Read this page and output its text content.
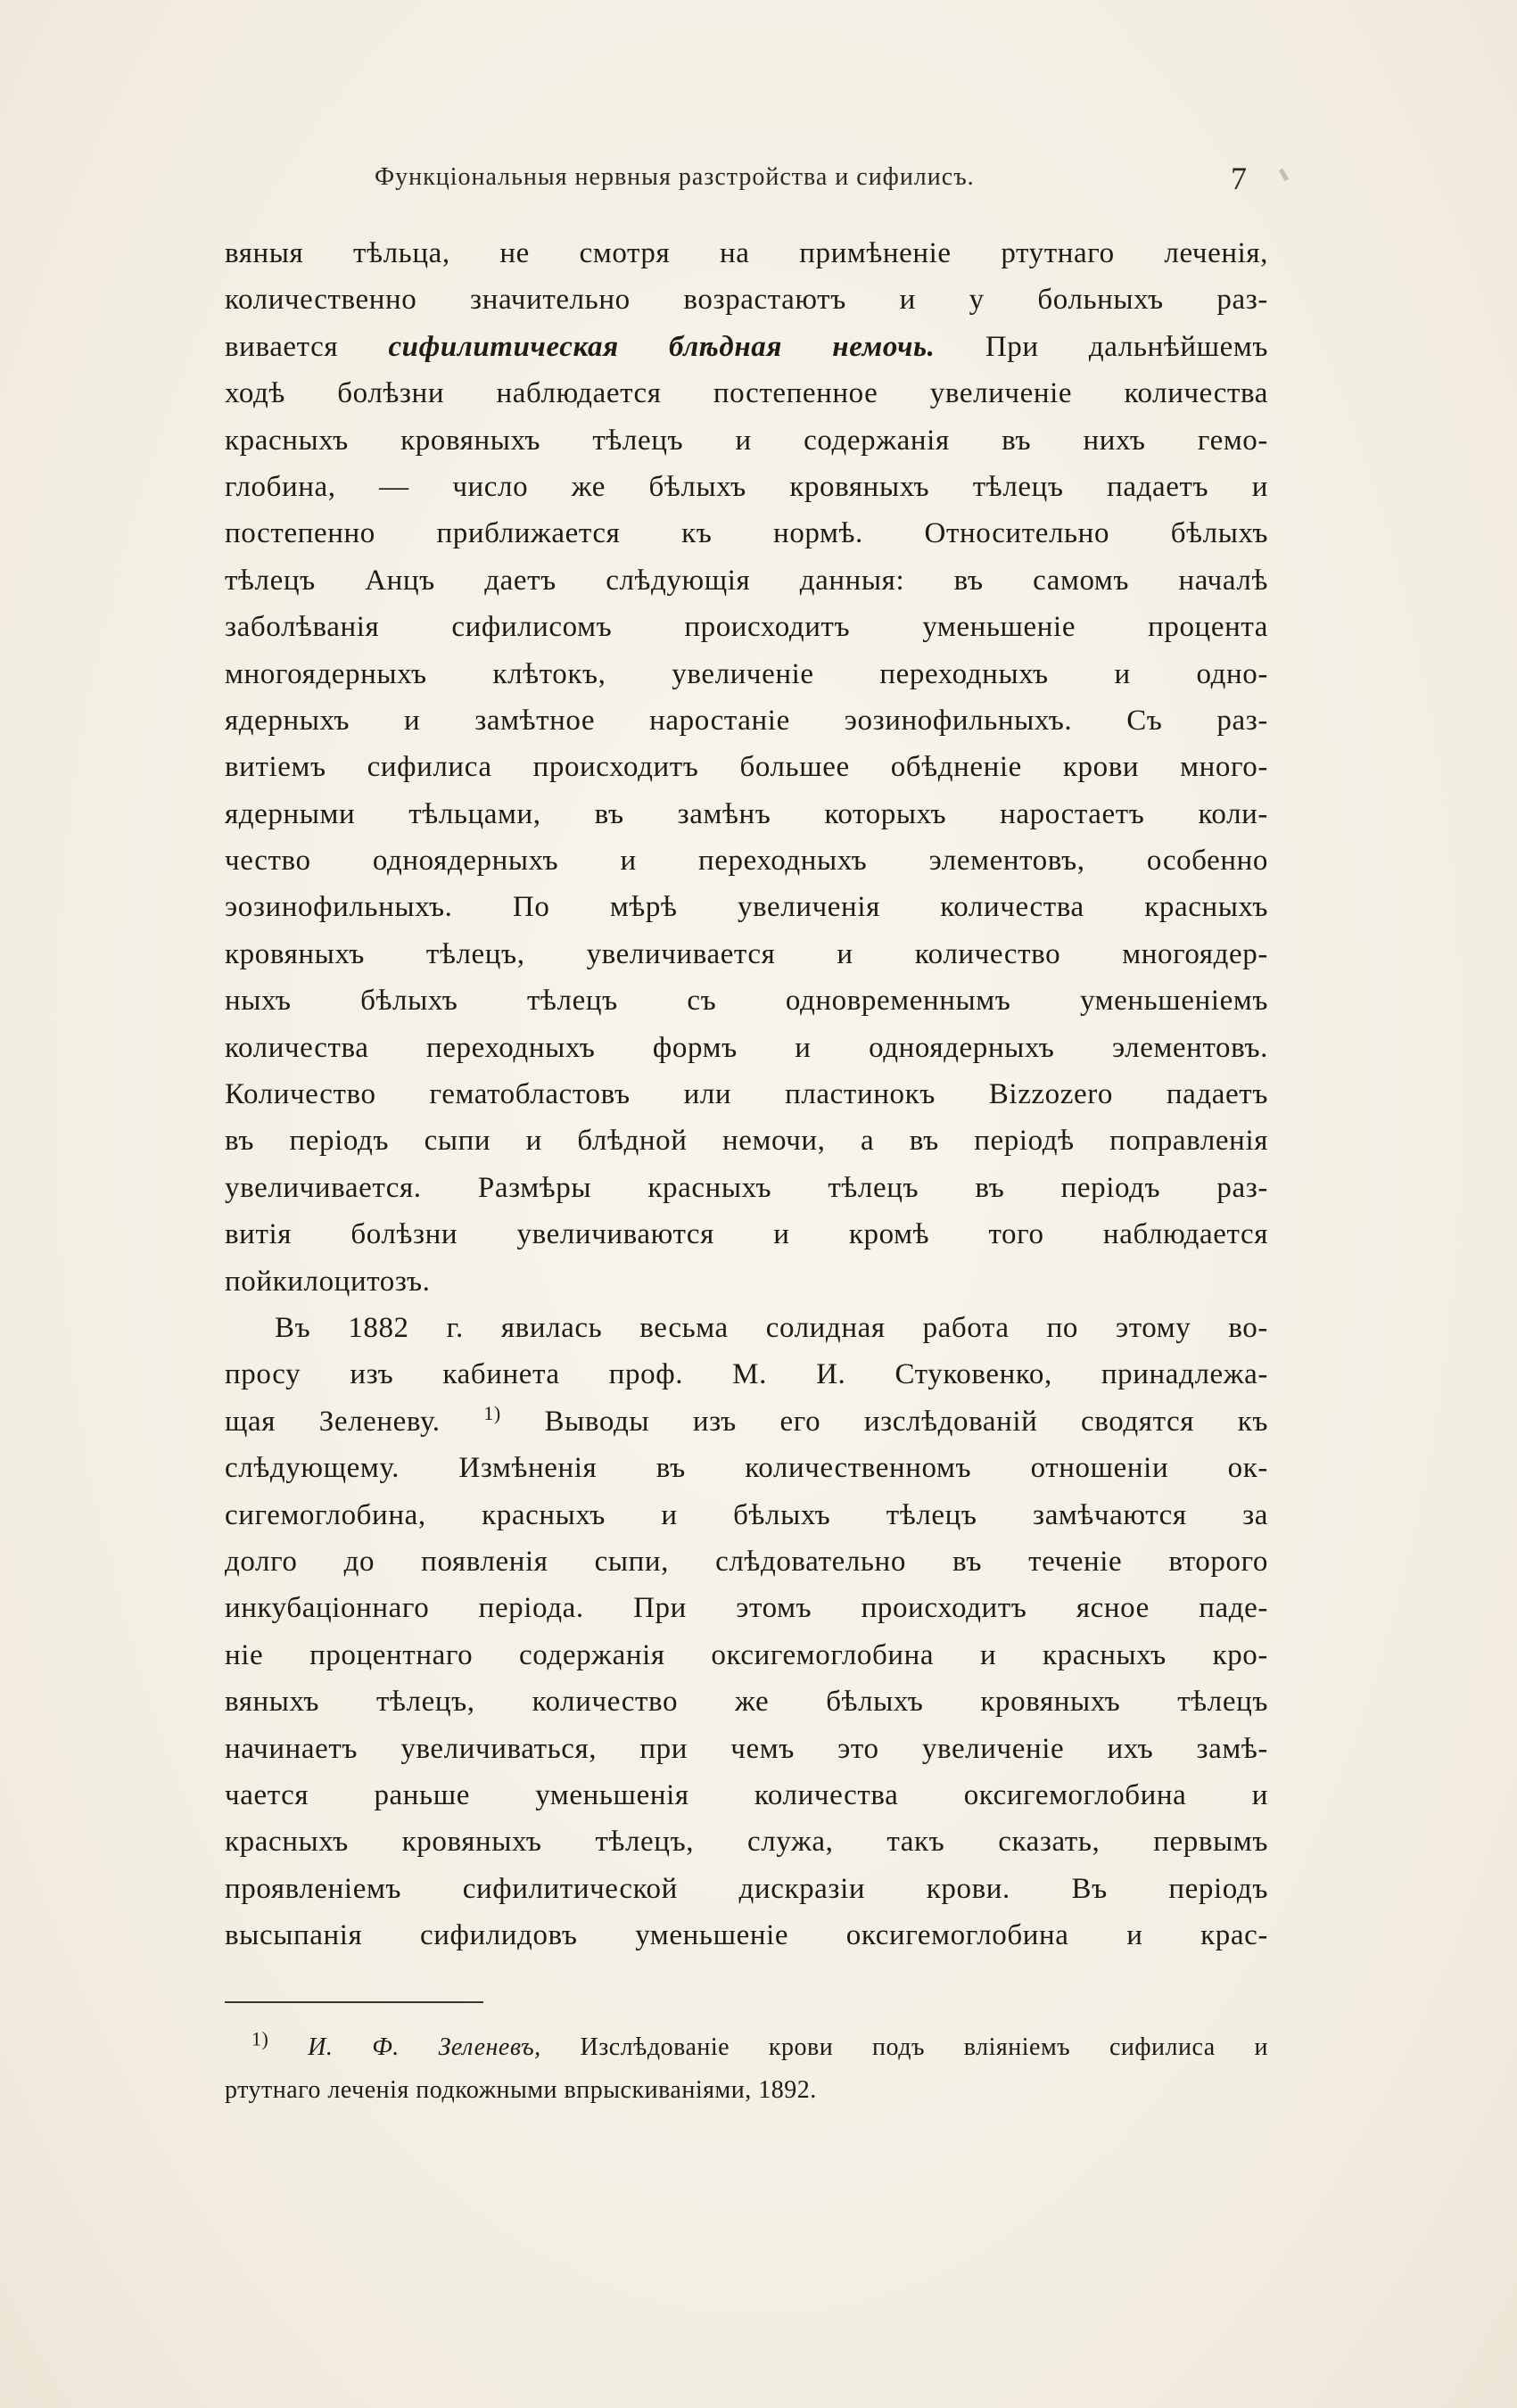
Функціональныя нервныя разстройства и сифилисъ.	7
вяныя тѣльца, не смотря на примѣненіе ртутнаго леченія,
количественно значительно возрастаютъ и у больныхъ раз-
вивается сифилитическая блѣдная немочь. При дальнѣйшемъ
ходѣ болѣзни наблюдается постепенное увеличеніе количества
красныхъ кровяныхъ тѣлецъ и содержанія въ нихъ гемо-
глобина, — число же бѣлыхъ кровяныхъ тѣлецъ падаетъ и
постепенно приближается къ нормѣ. Относительно бѣлыхъ
тѣлецъ Анцъ даетъ слѣдующія данныя: въ самомъ началѣ
заболѣванія сифилисомъ происходитъ уменьшеніе процента
многоядерныхъ клѣтокъ, увеличеніе переходныхъ и одно-
ядерныхъ и замѣтное наростаніе эозинофильныхъ. Съ раз-
витіемъ сифилиса происходитъ большее обѣдненіе крови много-
ядерными тѣльцами, въ замѣнъ которыхъ наростаетъ коли-
чество одноядерныхъ и переходныхъ элементовъ, особенно
эозинофильныхъ. По мѣрѣ увеличенія количества красныхъ
кровяныхъ тѣлецъ, увеличивается и количество многоядер-
ныхъ бѣлыхъ тѣлецъ съ одновременнымъ уменьшеніемъ
количества переходныхъ формъ и одноядерныхъ элементовъ.
Количество гематобластовъ или пластинокъ Bizzozero падаетъ
въ періодъ сыпи и блѣдной немочи, а въ періодѣ поправленія
увеличивается. Размѣры красныхъ тѣлецъ въ періодъ раз-
витія болѣзни увеличиваются и кромѣ того наблюдается
пойкилоцитозъ.
Въ 1882 г. явилась весьма солидная работа по этому во-
просу изъ кабинета проф. М. И. Стуковенко, принадлежа-
щая Зеленеву. $^{1)}$ Выводы изъ его изслѣдованій сводятся къ
слѣдующему. Измѣненія въ количественномъ отношеніи ок-
сигемоглобина, красныхъ и бѣлыхъ тѣлецъ замѣчаются за
долго до появленія сыпи, слѣдовательно въ теченіе второго
инкубаціоннаго періода. При этомъ происходитъ ясное паде-
ніе процентнаго содержанія оксигемоглобина и красныхъ кро-
вяныхъ тѣлецъ, количество же бѣлыхъ кровяныхъ тѣлецъ
начинаетъ увеличиваться, при чемъ это увеличеніе ихъ замѣ-
чается раньше уменьшенія количества оксигемоглобина и
красныхъ кровяныхъ тѣлецъ, служа, такъ сказать, первымъ
проявленіемъ сифилитической дискразіи крови. Въ періодъ
высыпанія сифилидовъ уменьшеніе оксигемоглобина и крас-
$^{1)}$ И. Ф. Зеленевъ, Изслѣдованіе крови подъ вліяніемъ сифилиса и
ртутнаго леченія подкожными впрыскиваніями, 1892.
